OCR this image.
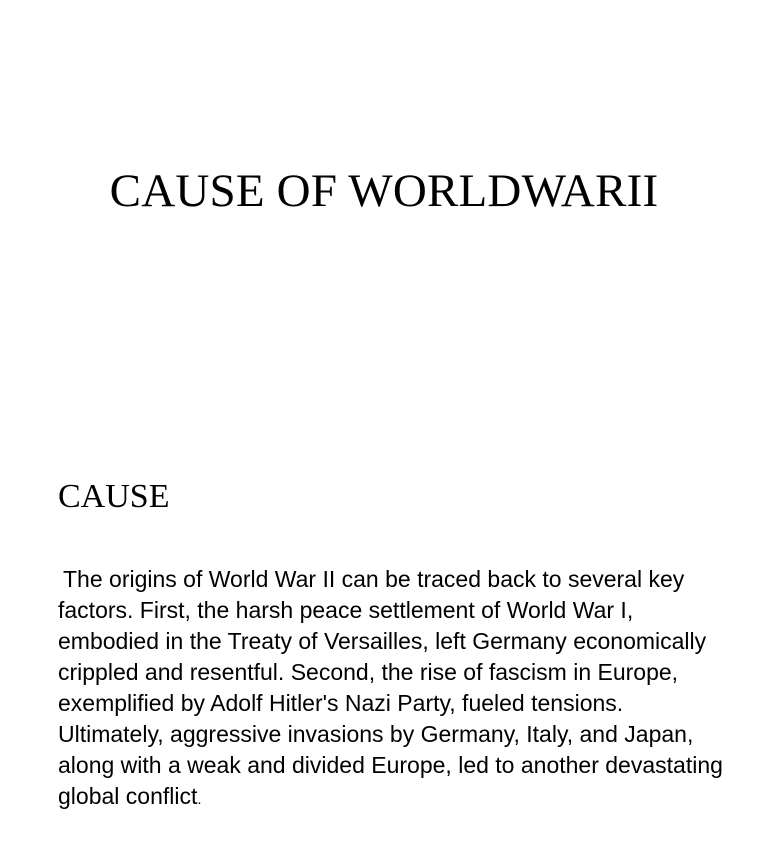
CAUSE OF WORLDWARII
CAUSE

The origins of World War II can be traced back to several key factors. First, the harsh peace settlement of World War I, embodied in the Treaty of Versailles, left Germany economically crippled and resentful. Second, the rise of fascism in Europe, exemplified by Adolf Hitler's Nazi Party, fueled tensions. Ultimately, aggressive invasions by Germany, Italy, and Japan, along with a weak and divided Europe, led to another devastating global conflict.
